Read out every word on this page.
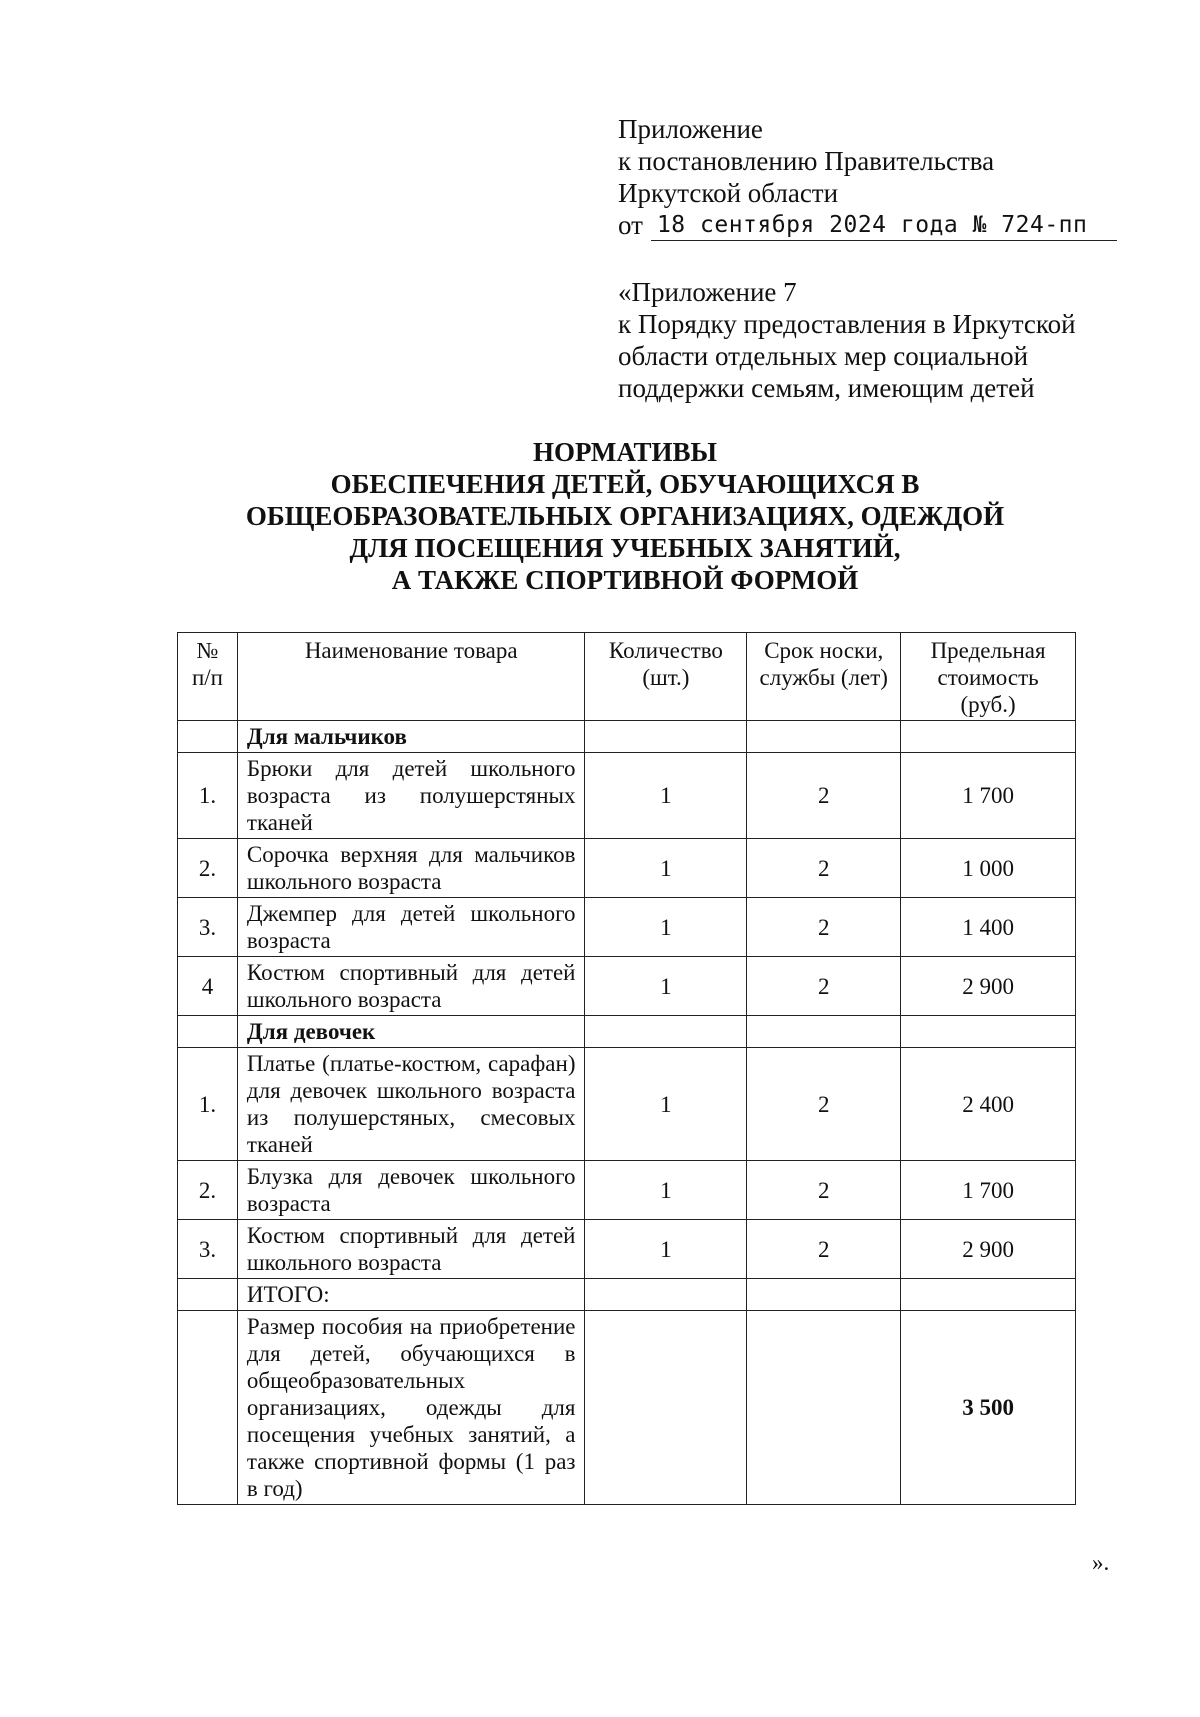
Приложение
к постановлению Правительства
Иркутской области
от 18 сентября 2024 года № 724-пп
«Приложение 7
к Порядку предоставления в Иркутской
области отдельных мер социальной
поддержки семьям, имеющим детей
НОРМАТИВЫ
ОБЕСПЕЧЕНИЯ ДЕТЕЙ, ОБУЧАЮЩИХСЯ В
ОБЩЕОБРАЗОВАТЕЛЬНЫХ ОРГАНИЗАЦИЯХ, ОДЕЖДОЙ
ДЛЯ ПОСЕЩЕНИЯ УЧЕБНЫХ ЗАНЯТИЙ,
А ТАКЖЕ СПОРТИВНОЙ ФОРМОЙ
№ п/п	Наименование товара	Количество (шт.)	Срок носки, службы (лет)	Предельная стоимость (руб.)
	Для мальчиков			
1.	Брюки для детей школьного возраста из полушерстяных тканей	1	2	1 700
2.	Сорочка верхняя для мальчиков школьного возраста	1	2	1 000
3.	Джемпер для детей школьного возраста	1	2	1 400
4	Костюм спортивный для детей школьного возраста	1	2	2 900
	Для девочек			
1.	Платье (платье-костюм, сарафан) для девочек школьного возраста из полушерстяных, смесовых тканей	1	2	2 400
2.	Блузка для девочек школьного возраста	1	2	1 700
3.	Костюм спортивный для детей школьного возраста	1	2	2 900
	ИТОГО:			
	Размер пособия на приобретение для детей, обучающихся в общеобразовательных организациях, одежды для посещения учебных занятий, а также спортивной формы (1 раз в год)			3 500
».
